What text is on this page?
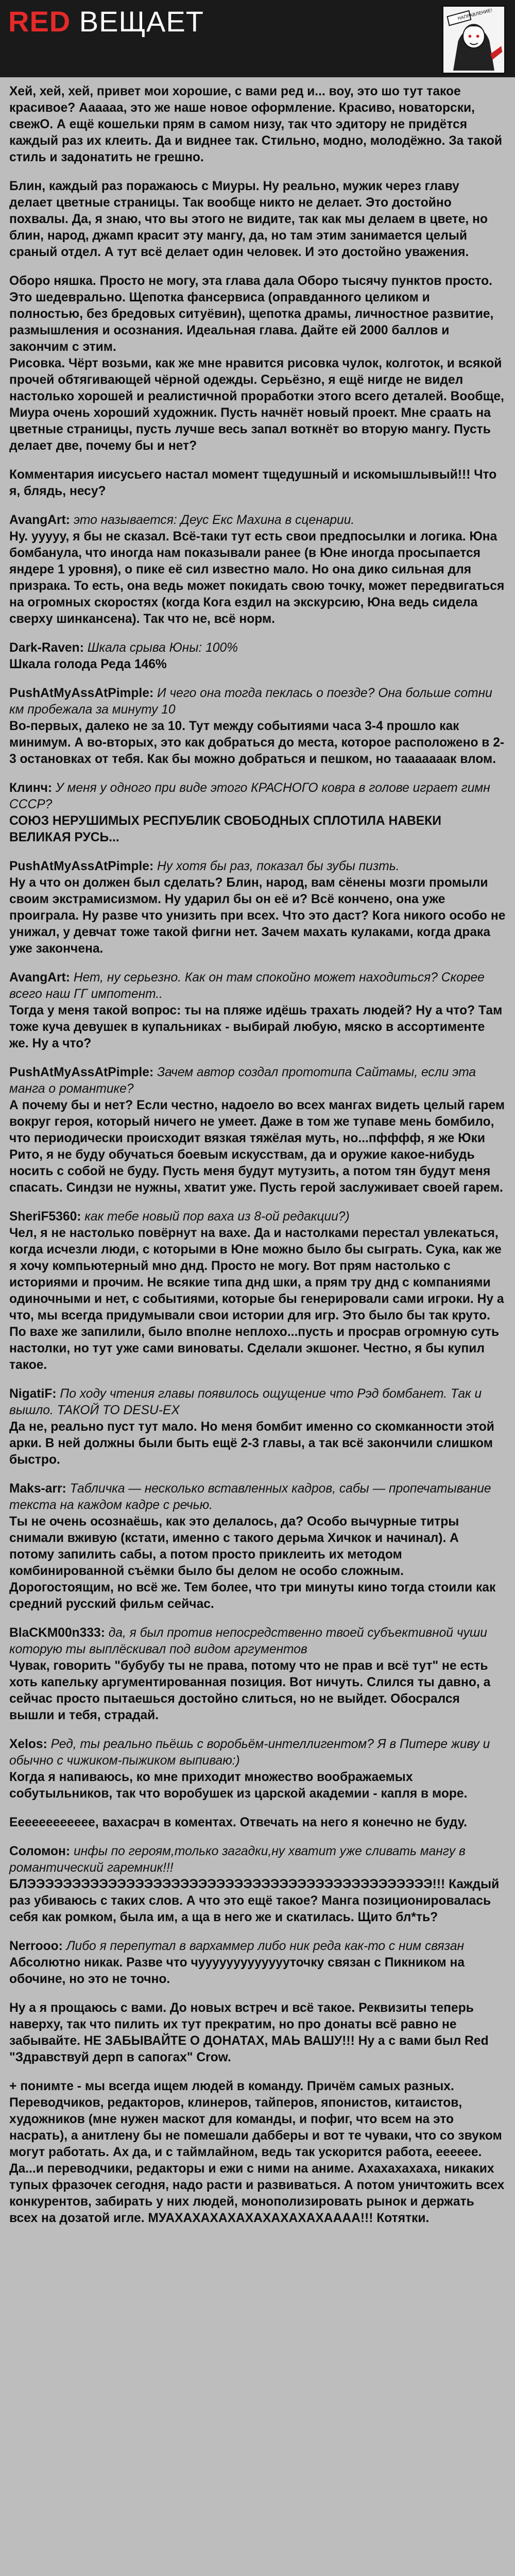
RED ВЕЩАЕТ	НАПРАВЛЕНИЕ!

Хей, хей, хей, привет мои хорошие, с вами ред и... воу, это шо тут такое красивое? Аааааа, это же наше новое оформление. Красиво, новаторски, свежО. А ещё кошельки прям в самом низу, так что эдитору не придётся каждый раз их клеить. Да и виднее так. Стильно, модно, молодёжно. За такой стиль и задонатить не грешно.

Блин, каждый раз поражаюсь с Миуры. Ну реально, мужик через главу делает цветные страницы. Так вообще никто не делает. Это достойно похвалы. Да, я знаю, что вы этого не видите, так как мы делаем в цвете, но блин, народ, джамп красит эту мангу, да, но там этим занимается целый сраный отдел. А тут всё делает один человек. И это достойно уважения.

Оборо няшка. Просто не могу, эта глава дала Оборо тысячу пунктов просто. Это шедеврально. Щепотка фансервиса (оправданного целиком и полностью, без бредовых ситуёвин), щепотка драмы, личностное развитие, размышления и осознания. Идеальная глава. Дайте ей 2000 баллов и закончим с этим.

Рисовка. Чёрт возьми, как же мне нравится рисовка чулок, колготок, и всякой прочей обтягивающей чёрной одежды. Серьёзно, я ещё нигде не видел настолько хорошей и реалистичной проработки этого всего деталей. Вообще, Миура очень хороший художник. Пусть начнёт новый проект. Мне сраать на цветные страницы, пусть лучше весь запал воткнёт во вторую мангу. Пусть делает две, почему бы и нет?

Комментария иисусьего настал момент тщедушный и искомышлывый!!! Что я, блядь, несу?

AvangArt: это называется: Деус Екс Махина в сценарии.
Ну. ууууу, я бы не сказал. Всё-таки тут есть свои предпосылки и логика. Юна бомбанула, что иногда нам показывали ранее (в Юне иногда просыпается яндере 1 уровня), о пике её сил известно мало. Но она дико сильная для призрака. То есть, она ведь может покидать свою точку, может передвигаться на огромных скоростях (когда Кога ездил на экскурсию, Юна ведь сидела сверху шинкансена). Так что не, всё норм.
Dark-Raven: Шкала срыва Юны: 100%
Шкала голода Реда 146%
PushAtMyAssAtPimple: И чего она тогда пеклась о поезде? Она больше сотни км пробежала за минуту 10
Во-первых, далеко не за 10. Тут между событиями часа 3-4 прошло как минимум. А во-вторых, это как добраться до места, которое расположено в 2-3 остановках от тебя. Как бы можно добраться и пешком, но тааааааак влом.
Клинч: У меня у одного при виде этого КРАСНОГО ковра в голове играет гимн СССР?
СОЮЗ НЕРУШИМЫХ РЕСПУБЛИК СВОБОДНЫХ СПЛОТИЛА НАВЕКИ ВЕЛИКАЯ РУСЬ...
PushAtMyAssAtPimple: Ну хотя бы раз, показал бы зубы пизть.
Ну а что он должен был сделать? Блин, народ, вам сёнены мозги промыли своим экстрамисизмом. Ну ударил бы он её и? Всё кончено, она уже проиграла. Ну разве что унизить при всех. Что это даст? Кога никого особо не унижал, у девчат тоже такой фигни нет. Зачем махать кулаками, когда драка уже закончена.
AvangArt: Нет, ну серьезно. Как он там спокойно может находиться? Скорее всего наш ГГ импотент..
Тогда у меня такой вопрос: ты на пляже идёшь трахать людей? Ну а что? Там тоже куча девушек в купальниках - выбирай любую, мяско в ассортименте же. Ну а что?
PushAtMyAssAtPimple: Зачем автор создал прототипа Сайтамы, если эта манга о романтике?
А почему бы и нет? Если честно, надоело во всех мангах видеть целый гарем вокруг героя, который ничего не умеет. Даже в том же тупаве мень бомбило, что периодически происходит вязкая тяжёлая муть, но...пфффф, я же Юки Рито, я не буду обучаться боевым искусствам, да и оружие какое-нибудь носить с собой не буду. Пусть меня будут мутузить, а потом тян будут меня спасать. Синдзи не нужны, хватит уже. Пусть герой заслуживает своей гарем.
SheriF5360: как тебе новый пор ваха из 8-ой редакции?)
Чел, я не настолько повёрнут на вахе. Да и настолками перестал увлекаться, когда исчезли люди, с которыми в Юне можно было бы сыграть. Сука, как же я хочу компьютерный мно днд. Просто не могу. Вот прям настолько с историями и прочим. Не всякие типа днд шки, а прям тру днд с компаниями одиночными и нет, с событиями, которые бы генерировали сами игроки. Ну а что, мы всегда придумывали свои истории для игр. Это было бы так круто. По вахе же запилили, было вполне неплохо...пусть и просрав огромную суть настолки, но тут уже сами виноваты. Сделали экшонег. Честно, я бы купил такое.
NigatiF: По ходу чтения главы появилось ощущение что Рэд бомбанет. Так и вышло. ТАКОЙ ТО DESU-EX
Да не, реально пуст тут мало. Но меня бомбит именно со скомканности этой арки. В ней должны были быть ещё 2-3 главы, а так всё закончили слишком быстро.
Maks-arr: Табличка — несколько вставленных кадров, сабы — пропечатывание текста на каждом кадре с речью.
Ты не очень осознаёшь, как это делалось, да? Особо вычурные титры снимали вживую (кстати, именно с такого дерьма Хичкок и начинал). А потому запилить сабы, а потом просто приклеить их методом комбинированной съёмки было бы делом не особо сложным. Дорогостоящим, но всё же. Тем более, что три минуты кино тогда стоили как средний русский фильм сейчас.
BlaCKM00n333: да, я был против непосредственно твоей субъективной чуши которую ты выплёскивал под видом аргументов
Чувак, говорить "бубубу ты не права, потому что не прав и всё тут" не есть хоть капельку аргументированная позиция. Вот ничуть. Слился ты давно, а сейчас просто пытаешься достойно слиться, но не выйдет. Обосрался вышли и тебя, страдай.
Xelos: Ред, ты реально пьёшь с воробьём-интеллигентом? Я в Питере живу и обычно с чижиком-пыжиком выпиваю:)
Когда я напиваюсь, ко мне приходит множество воображаемых собутыльников, так что воробушек из царской академии - капля в море.

Ееееееееееее, вахасрач в коментах. Отвечать на него я конечно не буду.

Соломон: инфы по героям,только загадки,ну хватит уже сливать мангу в романтический гаремник!!!
БЛЭЭЭЭЭЭЭЭЭЭЭЭЭЭЭЭЭЭЭЭЭЭЭЭЭЭЭЭЭЭЭЭЭЭЭЭЭЭЭЭЭЭЭЭЭ!!! Каждый раз убиваюсь с таких слов. А что это ещё такое? Манга позиционировалась себя как ромком, была им, а ща в него же и скатилась. Щито бл*ть?
Nerrooo: Либо я перепутал в вархаммер либо ник реда как-то с ним связан
Абсолютно никак. Разве что чуууууууууууууточку связан с Пикником на обочине, но это не точно.

Ну а я прощаюсь с вами. До новых встреч и всё такое. Реквизиты теперь наверху, так что пилить их тут прекратим, но про донаты всё равно не забывайте. НЕ ЗАБЫВАЙТЕ О ДОНАТАХ, МАЬ ВАШУ!!! Ну а с вами был Red "Здравствуй дерп в сапогах" Crow.

+ понимте - мы всегда ищем людей в команду. Причём самых разных. Переводчиков, редакторов, клинеров, тайперов, японистов, китаистов, художников (мне нужен маскот для команды, и пофиг, что всем на это насрать), а анитлену бы не помешали дабберы и вот те чуваки, что со звуком могут работать. Ах да, и с таймлайном, ведь так ускорится работа, ееееее. Да...и переводчики, редакторы и ежи с ними на аниме. Ахахахахаха, никаких тупых фразочек сегодня, надо расти и развиваться. А потом уничтожить всех конкурентов, забирать у них людей, монополизировать рынок и держать всех на дозатой игле. МУАХАХАХАХАХАХАХАХАХАААА!!! Котятки.
